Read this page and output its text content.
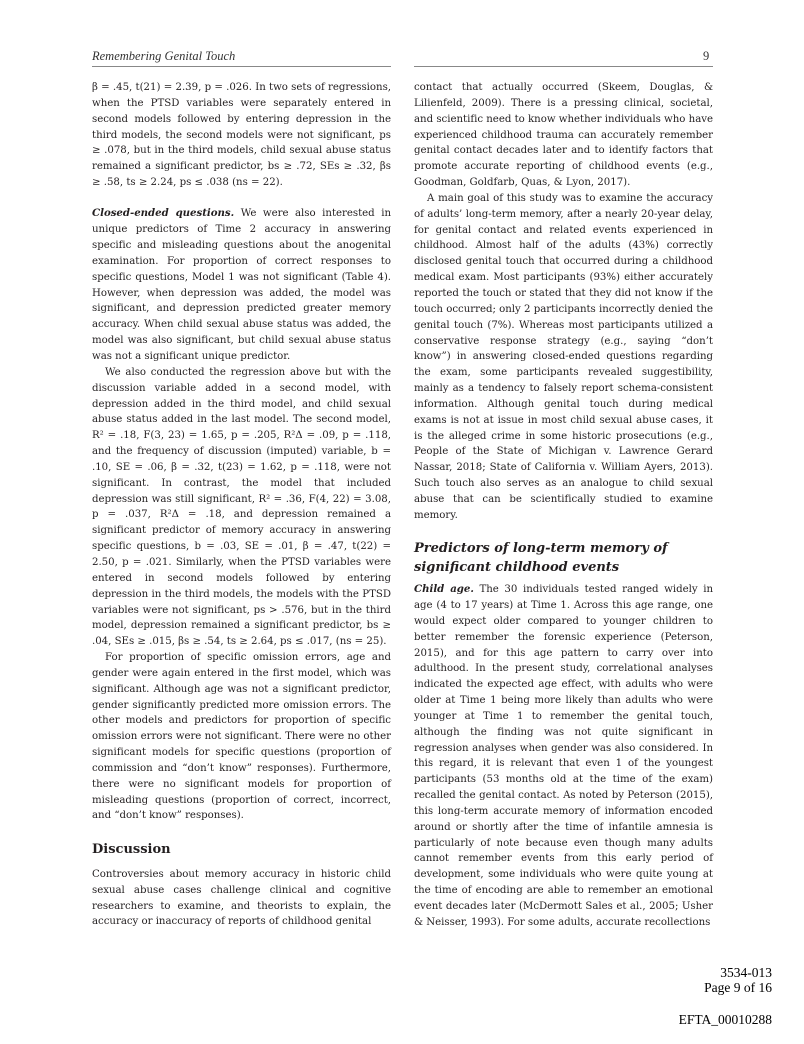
Remembering Genital Touch	9

β = .45, t(21) = 2.39, p = .026. In two sets of regressions, when the PTSD variables were separately entered in second models followed by entering depression in the third models, the second models were not significant, ps ≥ .078, but in the third models, child sexual abuse status remained a significant predictor, bs ≥ .72, SEs ≥ .32, βs ≥ .58, ts ≥ 2.24, ps ≤ .038 (ns = 22).

Closed-ended questions. We were also interested in unique predictors of Time 2 accuracy in answering specific and misleading questions about the anogenital examination. For proportion of correct responses to specific questions, Model 1 was not significant (Table 4). However, when depression was added, the model was significant, and depression predicted greater memory accuracy. When child sexual abuse status was added, the model was also significant, but child sexual abuse status was not a significant unique predictor.

We also conducted the regression above but with the discussion variable added in a second model, with depression added in the third model, and child sexual abuse status added in the last model. The second model, R² = .18, F(3, 23) = 1.65, p = .205, R²Δ = .09, p = .118, and the frequency of discussion (imputed) variable, b = .10, SE = .06, β = .32, t(23) = 1.62, p = .118, were not significant. In contrast, the model that included depression was still significant, R² = .36, F(4, 22) = 3.08, p = .037, R²Δ = .18, and depression remained a significant predictor of memory accuracy in answering specific questions, b = .03, SE = .01, β = .47, t(22) = 2.50, p = .021. Similarly, when the PTSD variables were entered in second models followed by entering depression in the third models, the models with the PTSD variables were not significant, ps > .576, but in the third model, depression remained a significant predictor, bs ≥ .04, SEs ≥ .015, βs ≥ .54, ts ≥ 2.64, ps ≤ .017, (ns = 25).

For proportion of specific omission errors, age and gender were again entered in the first model, which was significant. Although age was not a significant predictor, gender significantly predicted more omission errors. The other models and predictors for proportion of specific omission errors were not significant. There were no other significant models for specific questions (proportion of commission and “don’t know” responses). Furthermore, there were no significant models for proportion of misleading questions (proportion of correct, incorrect, and “don’t know” responses).

Discussion

Controversies about memory accuracy in historic child sexual abuse cases challenge clinical and cognitive researchers to examine, and theorists to explain, the accuracy or inaccuracy of reports of childhood genital

contact that actually occurred (Skeem, Douglas, & Lilienfeld, 2009). There is a pressing clinical, societal, and scientific need to know whether individuals who have experienced childhood trauma can accurately remember genital contact decades later and to identify factors that promote accurate reporting of childhood events (e.g., Goodman, Goldfarb, Quas, & Lyon, 2017).

A main goal of this study was to examine the accuracy of adults’ long-term memory, after a nearly 20-year delay, for genital contact and related events experienced in childhood. Almost half of the adults (43%) correctly disclosed genital touch that occurred during a childhood medical exam. Most participants (93%) either accurately reported the touch or stated that they did not know if the touch occurred; only 2 participants incorrectly denied the genital touch (7%). Whereas most participants utilized a conservative response strategy (e.g., saying “don’t know”) in answering closed-ended questions regarding the exam, some participants revealed suggestibility, mainly as a tendency to falsely report schema-consistent information. Although genital touch during medical exams is not at issue in most child sexual abuse cases, it is the alleged crime in some historic prosecutions (e.g., People of the State of Michigan v. Lawrence Gerard Nassar, 2018; State of California v. William Ayers, 2013). Such touch also serves as an analogue to child sexual abuse that can be scientifically studied to examine memory.

Predictors of long-term memory of significant childhood events

Child age. The 30 individuals tested ranged widely in age (4 to 17 years) at Time 1. Across this age range, one would expect older compared to younger children to better remember the forensic experience (Peterson, 2015), and for this age pattern to carry over into adulthood. In the present study, correlational analyses indicated the expected age effect, with adults who were older at Time 1 being more likely than adults who were younger at Time 1 to remember the genital touch, although the finding was not quite significant in regression analyses when gender was also considered. In this regard, it is relevant that even 1 of the youngest participants (53 months old at the time of the exam) recalled the genital contact. As noted by Peterson (2015), this long-term accurate memory of information encoded around or shortly after the time of infantile amnesia is particularly of note because even though many adults cannot remember events from this early period of development, some individuals who were quite young at the time of encoding are able to remember an emotional event decades later (McDermott Sales et al., 2005; Usher & Neisser, 1993). For some adults, accurate recollections

3534-013
Page 9 of 16
EFTA_00010288
